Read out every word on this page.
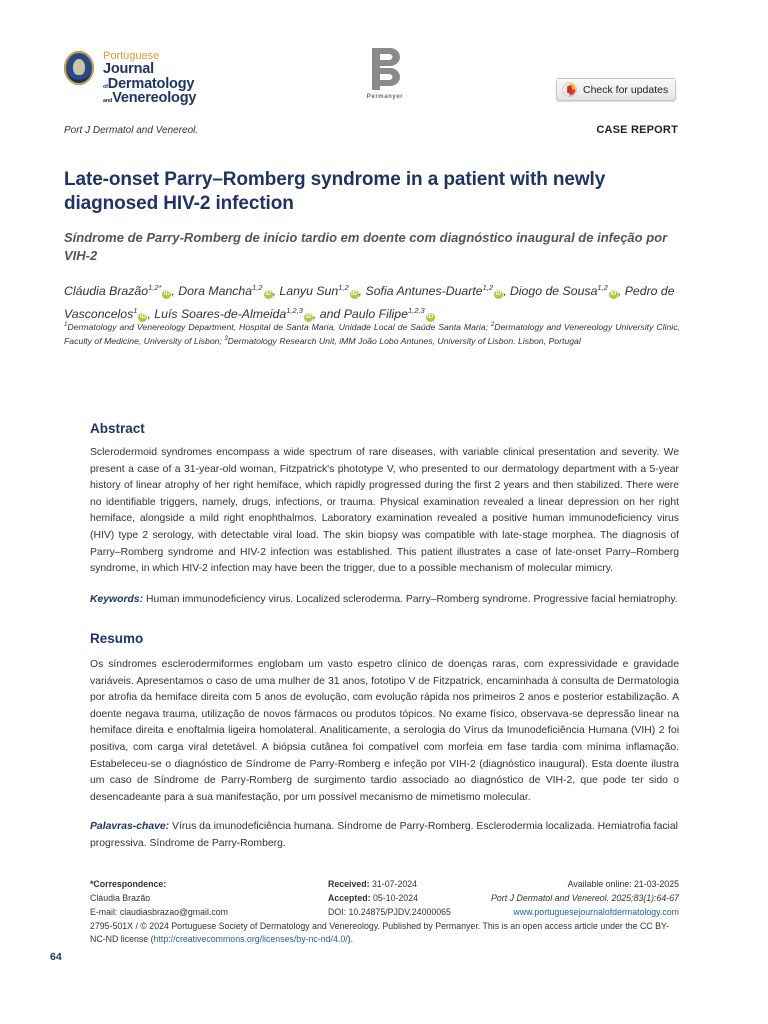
Portuguese
Journal
ofDermatology
andVenereology	Permanyer
Check for updates
Port J Dermatol and Venereol.	CASE REPORT
Late-onset Parry–Romberg syndrome in a patient with newly diagnosed HIV-2 infection
Síndrome de Parry-Romberg de início tardio em doente com diagnóstico inaugural de infeção por VIH-2
Cláudia Brazão$^{1,2*}$iD , Dora Mancha$^{1,2}$iD , Lanyu Sun$^{1,2}$iD , Sofia Antunes-Duarte$^{1,2}$iD , Diogo de Sousa$^{1,2}$iD , Pedro de Vasconcelos$^1$iD , Luís Soares-de-Almeida$^{1,2,3}$iD , and Paulo Filipe$^{1,2,3}$iD
$^1$Dermatology and Venereology Department, Hospital de Santa Maria, Unidade Local de Saúde Santa Maria; $^2$Dermatology and Venereology University Clinic, Faculty of Medicine, University of Lisbon; $^3$Dermatology Research Unit, iMM João Lobo Antunes, University of Lisbon. Lisbon, Portugal
Abstract
Sclerodermoid syndromes encompass a wide spectrum of rare diseases, with variable clinical presentation and severity. We present a case of a 31-year-old woman, Fitzpatrick's phototype V, who presented to our dermatology department with a 5-year history of linear atrophy of her right hemiface, which rapidly progressed during the first 2 years and then stabilized. There were no identifiable triggers, namely, drugs, infections, or trauma. Physical examination revealed a linear depression on her right hemiface, alongside a mild right enophthalmos. Laboratory examination revealed a positive human immunodeficiency virus (HIV) type 2 serology, with detectable viral load. The skin biopsy was compatible with late-stage morphea. The diagnosis of Parry–Romberg syndrome and HIV-2 infection was established. This patient illustrates a case of late-onset Parry–Romberg syndrome, in which HIV-2 infection may have been the trigger, due to a possible mechanism of molecular mimicry.
Keywords: Human immunodeficiency virus. Localized scleroderma. Parry–Romberg syndrome. Progressive facial hemiatrophy.
Resumo
Os síndromes esclerodermiformes englobam um vasto espetro clínico de doenças raras, com expressividade e gravidade variáveis. Apresentamos o caso de uma mulher de 31 anos, fototipo V de Fitzpatrick, encaminhada à consulta de Dermatologia por atrofia da hemiface direita com 5 anos de evolução, com evolução rápida nos primeiros 2 anos e posterior estabilização. A doente negava trauma, utilização de novos fármacos ou produtos tópicos. No exame físico, observava-se depressão linear na hemiface direita e enoftalmia ligeira homolateral. Analiticamente, a serologia do Vírus da Imunodeficiência Humana (VIH) 2 foi positiva, com carga viral detetável. A biópsia cutânea foi compatível com morfeia em fase tardia com mínima inflamação. Estabeleceu-se o diagnóstico de Síndrome de Parry-Romberg e infeção por VIH-2 (diagnóstico inaugural). Esta doente ilustra um caso de Síndrome de Parry-Romberg de surgimento tardio associado ao diagnóstico de VIH-2, que pode ter sido o desencadeante para a sua manifestação, por um possível mecanismo de mimetismo molecular.
Palavras-chave: Vírus da imunodeficiência humana. Síndrome de Parry-Romberg. Esclerodermia localizada. Hemiatrofia facial progressiva. Síndrome de Parry-Romberg.
*Correspondence:
Cláudia Brazão
E-mail: claudiasbrazao@gmail.com
Received: 31-07-2024
Accepted: 05-10-2024
DOI: 10.24875/PJDV.24000065
Available online: 21-03-2025
Port J Dermatol and Venereol. 2025;83(1):64-67
www.portuguesejournalofdermatology.com
2795-501X / © 2024 Portuguese Society of Dermatology and Venereology. Published by Permanyer. This is an open access article under the CC BY-NC-ND license (http://creativecommons.org/licenses/by-nc-nd/4.0/).
64
